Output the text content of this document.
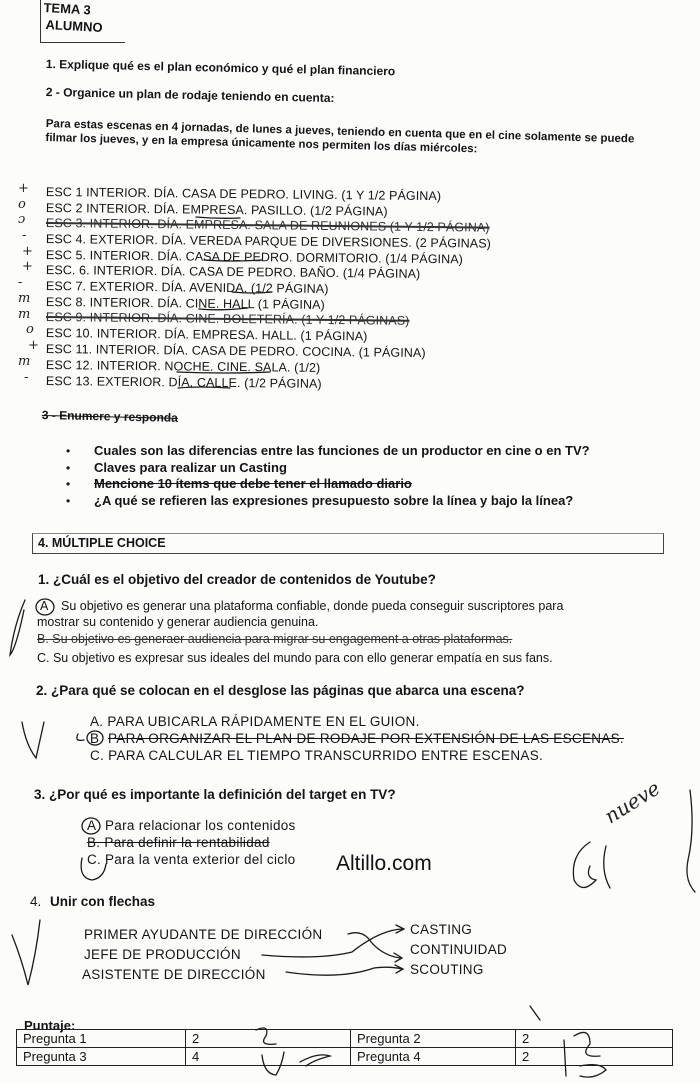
TEMA 3
ALUMNO
1. Explique qué es el plan económico y qué el plan financiero
2 - Organice un plan de rodaje teniendo en cuenta:
Para estas escenas en 4 jornadas, de lunes a jueves, teniendo en cuenta que en el cine solamente se puede filmar los jueves, y en la empresa únicamente nos permiten los días miércoles:
ESC 1 INTERIOR. DÍA. CASA DE PEDRO. LIVING. (1 Y 1/2 PÁGINA)
ESC 2 INTERIOR. DÍA. EMPRESA. PASILLO. (1/2 PÁGINA)
ESC 3. INTERIOR. DÍA. EMPRESA. SALA DE REUNIONES (1 Y 1/2 PÁGINA)
ESC 4. EXTERIOR. DÍA. VEREDA PARQUE DE DIVERSIONES. (2 PÁGINAS)
ESC 5. INTERIOR. DÍA. CASA DE PEDRO. DORMITORIO. (1/4 PÁGINA)
ESC. 6. INTERIOR. DÍA. CASA DE PEDRO. BAÑO. (1/4 PÁGINA)
ESC 7. EXTERIOR. DÍA. AVENIDA. (1/2 PÁGINA)
ESC 8. INTERIOR. DÍA. CINE. HALL (1 PÁGINA)
ESC 9. INTERIOR. DÍA. CINE. BOLETERÍA. (1 Y 1/2 PÁGINAS)
ESC 10. INTERIOR. DÍA. EMPRESA. HALL. (1 PÁGINA)
ESC 11. INTERIOR. DÍA. CASA DE PEDRO. COCINA. (1 PÁGINA)
ESC 12. INTERIOR. NOCHE. CINE. SALA. (1/2)
ESC 13. EXTERIOR. DÍA. CALLE. (1/2 PÁGINA)
+
o
ɔ
-
+
+
-
m
m
o
+
m
-
3 - Enumere y responda
•	Cuales son las diferencias entre las funciones de un productor en cine o en TV?
•	Claves para realizar un Casting
•	Mencione 10 ítems que debe tener el llamado diario
•	¿A qué se refieren las expresiones presupuesto sobre la línea y bajo la línea?
4. MÚLTIPLE CHOICE
1. ¿Cuál es el objetivo del creador de contenidos de Youtube?
A Su objetivo es generar una plataforma confiable, donde pueda conseguir suscriptores para
mostrar su contenido y generar audiencia genuina.
B. Su objetivo es generaer audiencia para migrar su engagement a otras plataformas.
C. Su objetivo es expresar sus ideales del mundo para con ello generar empatía en sus fans.
2. ¿Para qué se colocan en el desglose las páginas que abarca una escena?
A. PARA UBICARLA RÁPIDAMENTE EN EL GUION.
B PARA ORGANIZAR EL PLAN DE RODAJE POR EXTENSIÓN DE LAS ESCENAS.
C. PARA CALCULAR EL TIEMPO TRANSCURRIDO ENTRE ESCENAS.
3. ¿Por qué es importante la definición del target en TV?
A Para relacionar los contenidos
B. Para definir la rentabilidad
C. Para la venta exterior del ciclo Altillo.com
4. Unir con flechas
PRIMER AYUDANTE DE DIRECCIÓN
JEFE DE PRODUCCIÓN
ASISTENTE DE DIRECCIÓN
CASTING
CONTINUIDAD
SCOUTING
nueve
Puntaje:
Pregunta 1	2	Pregunta 2	2
Pregunta 3	4	Pregunta 4	2
